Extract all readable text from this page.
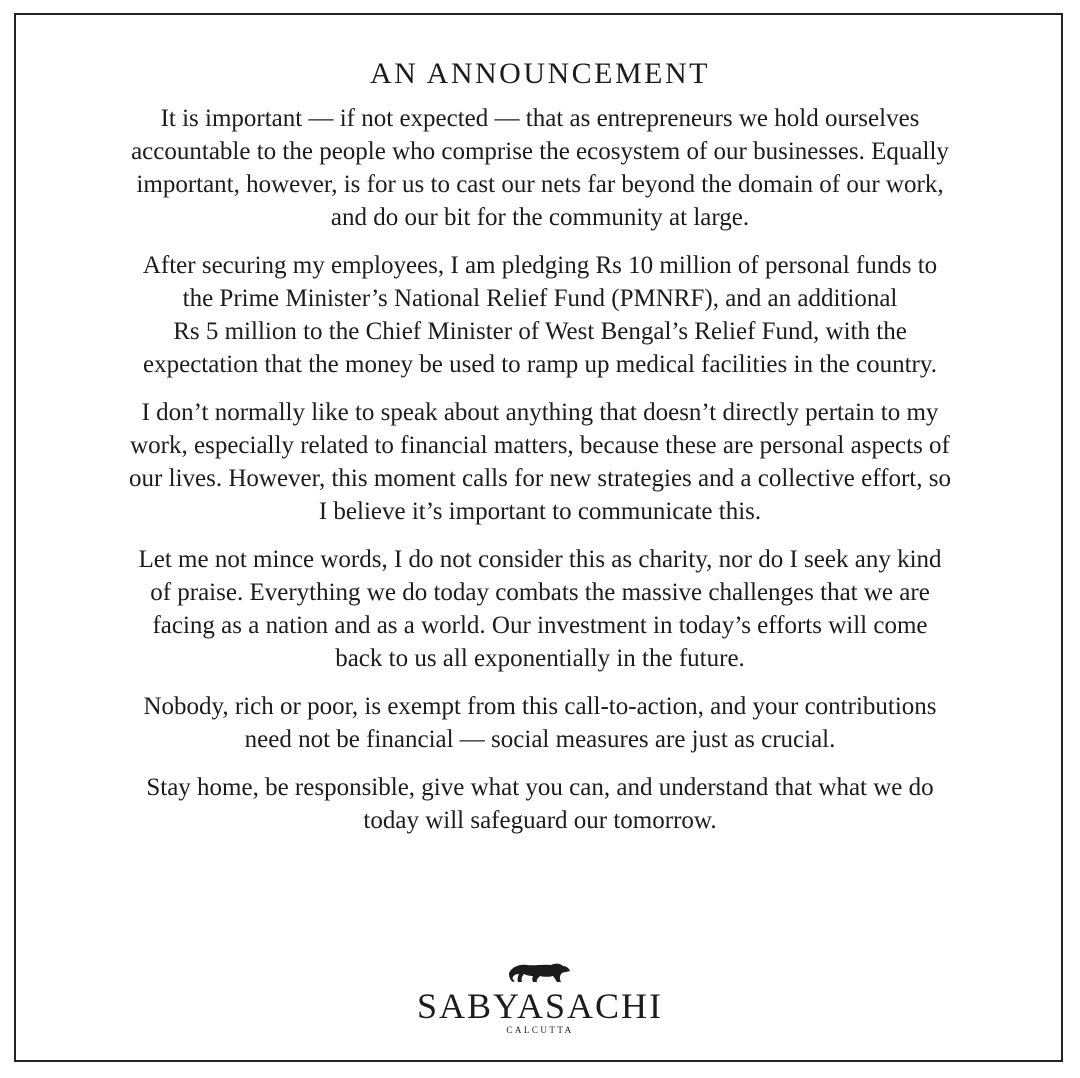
AN ANNOUNCEMENT

It is important — if not expected — that as entrepreneurs we hold ourselves
accountable to the people who comprise the ecosystem of our businesses. Equally
important, however, is for us to cast our nets far beyond the domain of our work,
and do our bit for the community at large.

After securing my employees, I am pledging Rs 10 million of personal funds to
the Prime Minister’s National Relief Fund (PMNRF), and an additional
Rs 5 million to the Chief Minister of West Bengal’s Relief Fund, with the
expectation that the money be used to ramp up medical facilities in the country.

I don’t normally like to speak about anything that doesn’t directly pertain to my
work, especially related to financial matters, because these are personal aspects of
our lives. However, this moment calls for new strategies and a collective effort, so
I believe it’s important to communicate this.

Let me not mince words, I do not consider this as charity, nor do I seek any kind
of praise. Everything we do today combats the massive challenges that we are
facing as a nation and as a world. Our investment in today’s efforts will come
back to us all exponentially in the future.

Nobody, rich or poor, is exempt from this call-to-action, and your contributions
need not be financial — social measures are just as crucial.

Stay home, be responsible, give what you can, and understand that what we do
today will safeguard our tomorrow.

SABYASACHI
CALCUTTA
